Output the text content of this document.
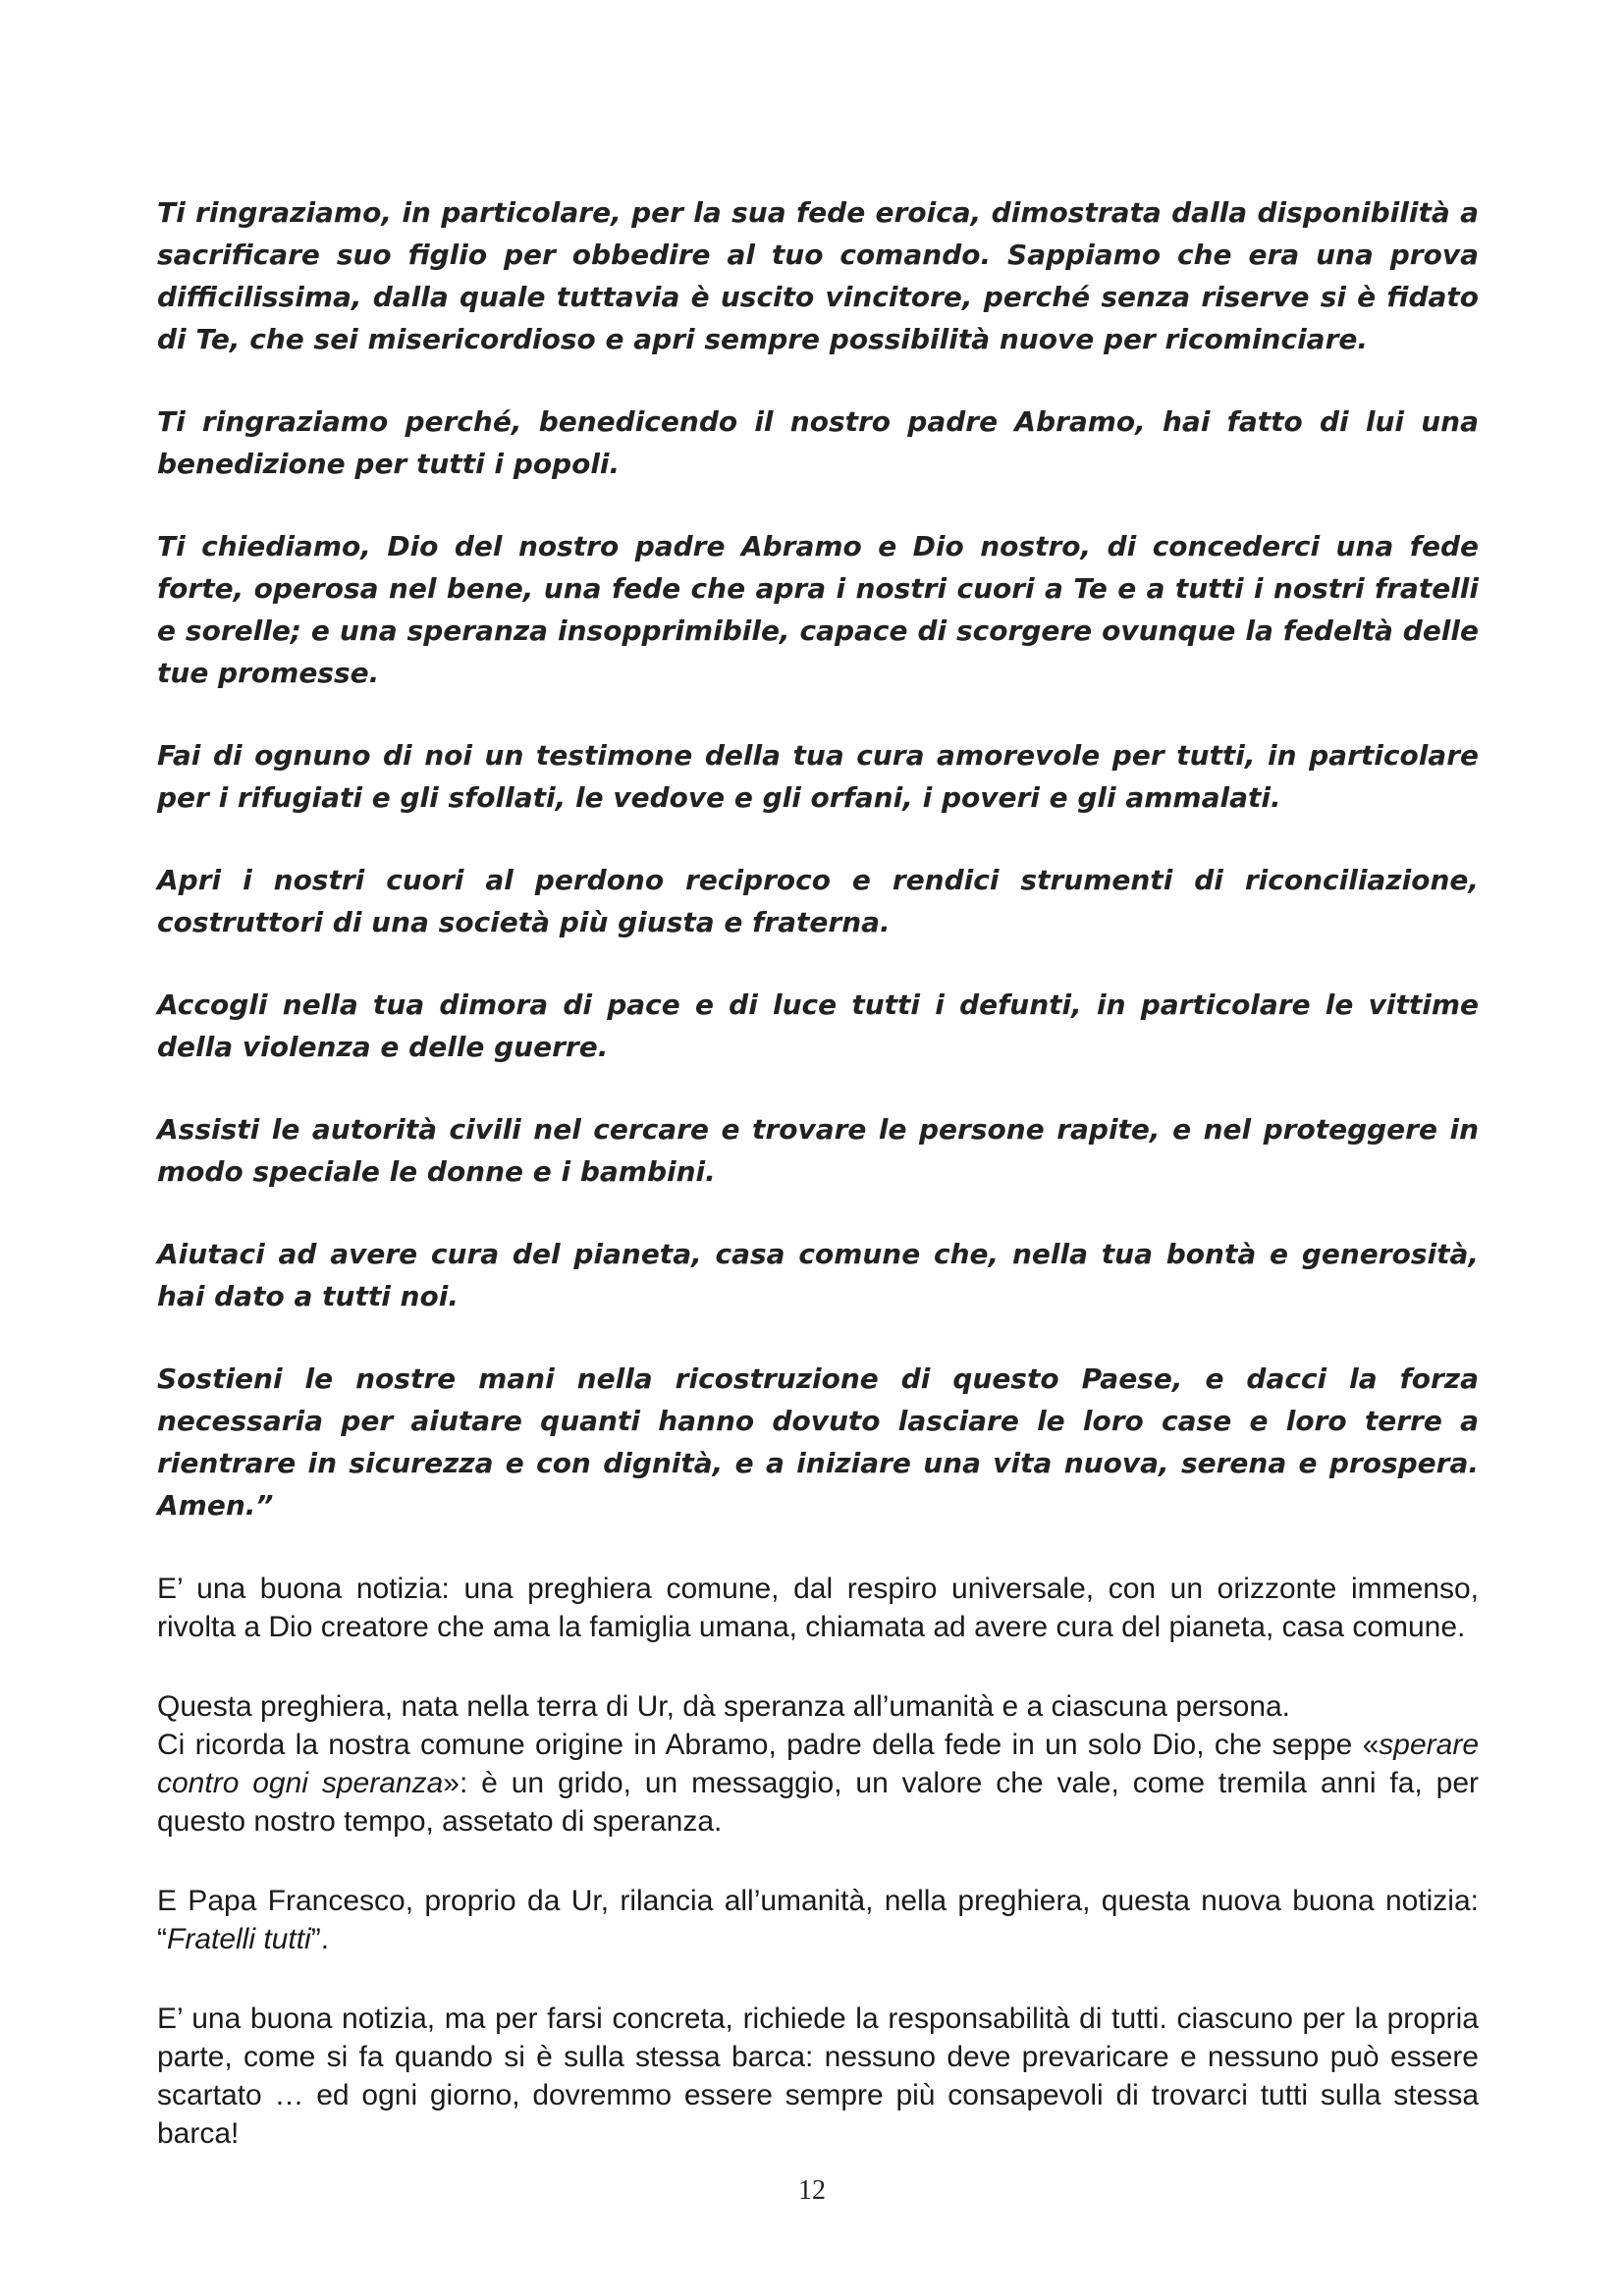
Ti ringraziamo, in particolare, per la sua fede eroica, dimostrata dalla disponibilità a sacrificare suo figlio per obbedire al tuo comando. Sappiamo che era una prova difficilissima, dalla quale tuttavia è uscito vincitore, perché senza riserve si è fidato di Te, che sei misericordioso e apri sempre possibilità nuove per ricominciare.

Ti ringraziamo perché, benedicendo il nostro padre Abramo, hai fatto di lui una benedizione per tutti i popoli.

Ti chiediamo, Dio del nostro padre Abramo e Dio nostro, di concederci una fede forte, operosa nel bene, una fede che apra i nostri cuori a Te e a tutti i nostri fratelli e sorelle; e una speranza insopprimibile, capace di scorgere ovunque la fedeltà delle tue promesse.

Fai di ognuno di noi un testimone della tua cura amorevole per tutti, in particolare per i rifugiati e gli sfollati, le vedove e gli orfani, i poveri e gli ammalati.

Apri i nostri cuori al perdono reciproco e rendici strumenti di riconciliazione, costruttori di una società più giusta e fraterna.

Accogli nella tua dimora di pace e di luce tutti i defunti, in particolare le vittime della violenza e delle guerre.

Assisti le autorità civili nel cercare e trovare le persone rapite, e nel proteggere in modo speciale le donne e i bambini.

Aiutaci ad avere cura del pianeta, casa comune che, nella tua bontà e generosità, hai dato a tutti noi.

Sostieni le nostre mani nella ricostruzione di questo Paese, e dacci la forza necessaria per aiutare quanti hanno dovuto lasciare le loro case e loro terre a rientrare in sicurezza e con dignità, e a iniziare una vita nuova, serena e prospera. Amen.”

E’ una buona notizia: una preghiera comune, dal respiro universale, con un orizzonte immenso, rivolta a Dio creatore che ama la famiglia umana, chiamata ad avere cura del pianeta, casa comune.

Questa preghiera, nata nella terra di Ur, dà speranza all’umanità e a ciascuna persona.

Ci ricorda la nostra comune origine in Abramo, padre della fede in un solo Dio, che seppe «sperare contro ogni speranza»: è un grido, un messaggio, un valore che vale, come tremila anni fa, per questo nostro tempo, assetato di speranza.

E Papa Francesco, proprio da Ur, rilancia all’umanità, nella preghiera, questa nuova buona notizia: “Fratelli tutti”.

E’ una buona notizia, ma per farsi concreta, richiede la responsabilità di tutti. ciascuno per la propria parte, come si fa quando si è sulla stessa barca: nessuno deve prevaricare e nessuno può essere scartato … ed ogni giorno, dovremmo essere sempre più consapevoli di trovarci tutti sulla stessa barca!

12
